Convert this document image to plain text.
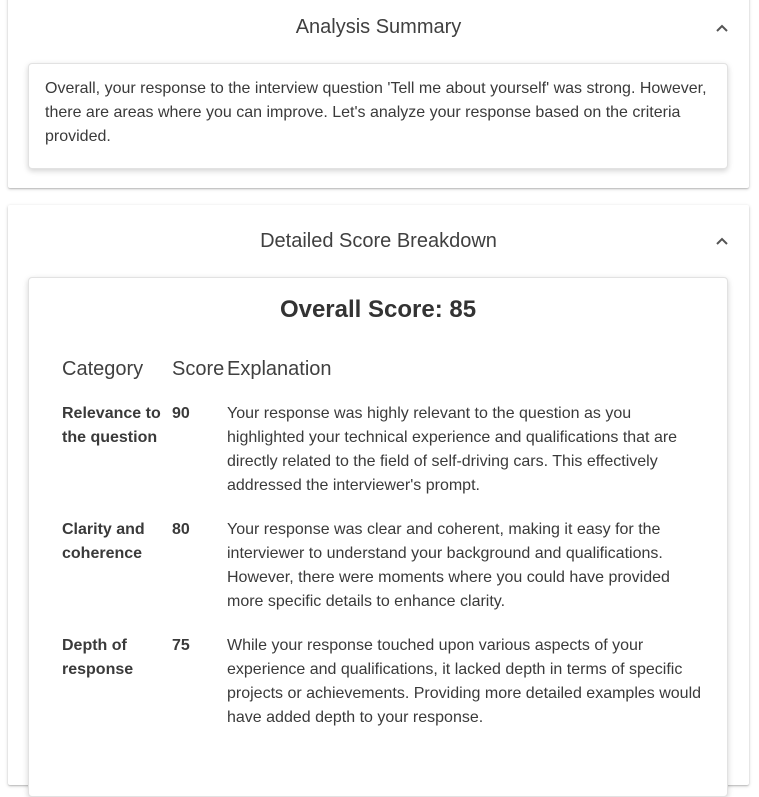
Analysis Summary
Overall, your response to the interview question 'Tell me about yourself' was strong. However, there are areas where you can improve. Let's analyze your response based on the criteria provided.
Detailed Score Breakdown
Overall Score: 85
Category	Score	Explanation
Relevance to the question	90	Your response was highly relevant to the question as you highlighted your technical experience and qualifications that are directly related to the field of self-driving cars. This effectively addressed the interviewer's prompt.
Clarity and coherence	80	Your response was clear and coherent, making it easy for the interviewer to understand your background and qualifications. However, there were moments where you could have provided more specific details to enhance clarity.
Depth of response	75	While your response touched upon various aspects of your experience and qualifications, it lacked depth in terms of specific projects or achievements. Providing more detailed examples would have added depth to your response.
